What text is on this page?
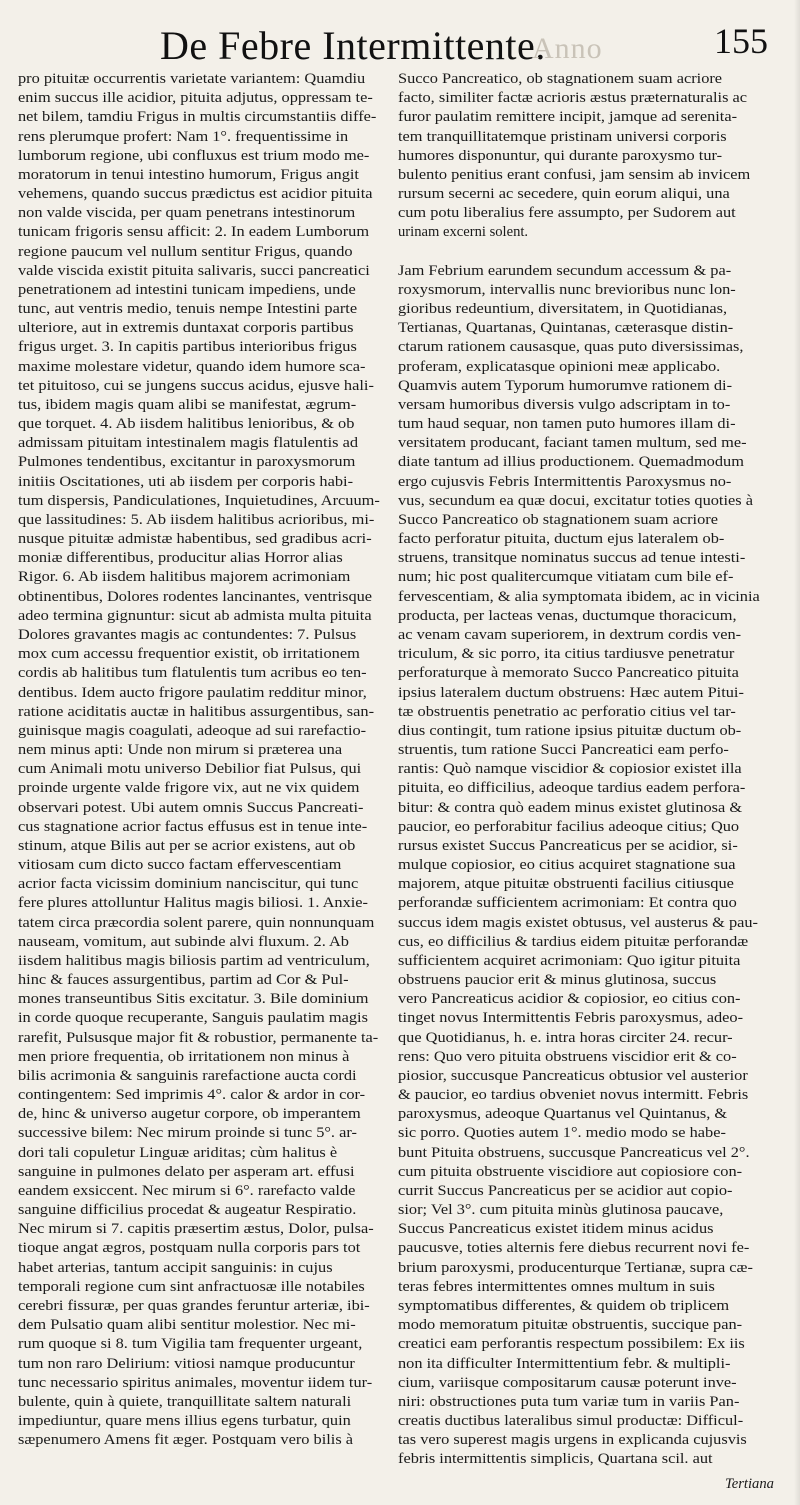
De Febre Intermittente.
Anno	155
pro pituitæ occurrentis varietate variantem: Quamdiu
enim succus ille acidior, pituita adjutus, oppressam te-
net bilem, tamdiu Frigus in multis circumstantiis diffe-
rens plerumque profert: Nam 1°. frequentissime in
lumborum regione, ubi confluxus est trium modo me-
moratorum in tenui intestino humorum, Frigus angit
vehemens, quando succus prædictus est acidior pituita
non valde viscida, per quam penetrans intestinorum
tunicam frigoris sensu afficit: 2. In eadem Lumborum
regione paucum vel nullum sentitur Frigus, quando
valde viscida existit pituita salivaris, succi pancreatici
penetrationem ad intestini tunicam impediens, unde
tunc, aut ventris medio, tenuis nempe Intestini parte
ulteriore, aut in extremis duntaxat corporis partibus
frigus urget. 3. In capitis partibus interioribus frigus
maxime molestare videtur, quando idem humore sca-
tet pituitoso, cui se jungens succus acidus, ejusve hali-
tus, ibidem magis quam alibi se manifestat, ægrum-
que torquet. 4. Ab iisdem halitibus lenioribus, & ob
admissam pituitam intestinalem magis flatulentis ad
Pulmones tendentibus, excitantur in paroxysmorum
initiis Oscitationes, uti ab iisdem per corporis habi-
tum dispersis, Pandiculationes, Inquietudines, Arcuum-
que lassitudines: 5. Ab iisdem halitibus acrioribus, mi-
nusque pituitæ admistæ habentibus, sed gradibus acri-
moniæ differentibus, producitur alias Horror alias
Rigor. 6. Ab iisdem halitibus majorem acrimoniam
obtinentibus, Dolores rodentes lancinantes, ventrisque
adeo termina gignuntur: sicut ab admista multa pituita
Dolores gravantes magis ac contundentes: 7. Pulsus
mox cum accessu frequentior existit, ob irritationem
cordis ab halitibus tum flatulentis tum acribus eo ten-
dentibus. Idem aucto frigore paulatim redditur minor,
ratione aciditatis auctæ in halitibus assurgentibus, san-
guinisque magis coagulati, adeoque ad sui rarefactio-
nem minus apti: Unde non mirum si præterea una
cum Animali motu universo Debilior fiat Pulsus, qui
proinde urgente valde frigore vix, aut ne vix quidem
observari potest. Ubi autem omnis Succus Pancreati-
cus stagnatione acrior factus effusus est in tenue inte-
stinum, atque Bilis aut per se acrior existens, aut ob
vitiosam cum dicto succo factam effervescentiam
acrior facta vicissim dominium nanciscitur, qui tunc
fere plures attolluntur Halitus magis biliosi. 1. Anxie-
tatem circa præcordia solent parere, quin nonnunquam
nauseam, vomitum, aut subinde alvi fluxum. 2. Ab
iisdem halitibus magis biliosis partim ad ventriculum,
hinc & fauces assurgentibus, partim ad Cor & Pul-
mones transeuntibus Sitis excitatur. 3. Bile dominium
in corde quoque recuperante, Sanguis paulatim magis
rarefit, Pulsusque major fit & robustior, permanente ta-
men priore frequentia, ob irritationem non minus à
bilis acrimonia & sanguinis rarefactione aucta cordi
contingentem: Sed imprimis 4°. calor & ardor in cor-
de, hinc & universo augetur corpore, ob imperantem
successive bilem: Nec mirum proinde si tunc 5°. ar-
dori tali copuletur Linguæ ariditas; cùm halitus è
sanguine in pulmones delato per asperam art. effusi
eandem exsiccent. Nec mirum si 6°. rarefacto valde
sanguine difficilius procedat & augeatur Respiratio.
Nec mirum si 7. capitis præsertim æstus, Dolor, pulsa-
tioque angat ægros, postquam nulla corporis pars tot
habet arterias, tantum accipit sanguinis: in cujus
temporali regione cum sint anfractuosæ ille notabiles
cerebri fissuræ, per quas grandes feruntur arteriæ, ibi-
dem Pulsatio quam alibi sentitur molestior. Nec mi-
rum quoque si 8. tum Vigilia tam frequenter urgeant,
tum non raro Delirium: vitiosi namque producuntur
tunc necessario spiritus animales, moventur iidem tur-
bulente, quin à quiete, tranquillitate saltem naturali
impediuntur, quare mens illius egens turbatur, quin
sæpenumero Amens fit æger. Postquam vero bilis à
Succo Pancreatico, ob stagnationem suam acriore
facto, similiter factæ acrioris æstus præternaturalis ac
furor paulatim remittere incipit, jamque ad serenita-
tem tranquillitatemque pristinam universi corporis
humores disponuntur, qui durante paroxysmo tur-
bulento penitius erant confusi, jam sensim ab invicem
rursum secerni ac secedere, quin eorum aliqui, una
cum potu liberalius fere assumpto, per Sudorem aut
urinam excerni solent.

Jam Febrium earundem secundum accessum & pa-
roxysmorum, intervallis nunc brevioribus nunc lon-
gioribus redeuntium, diversitatem, in Quotidianas,
Tertianas, Quartanas, Quintanas, cæterasque distin-
ctarum rationem causasque, quas puto diversissimas,
proferam, explicatasque opinioni meæ applicabo.
Quamvis autem Typorum humorumve rationem di-
versam humoribus diversis vulgo adscriptam in to-
tum haud sequar, non tamen puto humores illam di-
versitatem producant, faciant tamen multum, sed me-
diate tantum ad illius productionem. Quemadmodum
ergo cujusvis Febris Intermittentis Paroxysmus no-
vus, secundum ea quæ docui, excitatur toties quoties à
Succo Pancreatico ob stagnationem suam acriore
facto perforatur pituita, ductum ejus lateralem ob-
struens, transitque nominatus succus ad tenue intesti-
num; hic post qualitercumque vitiatam cum bile ef-
fervescentiam, & alia symptomata ibidem, ac in vicinia
producta, per lacteas venas, ductumque thoracicum,
ac venam cavam superiorem, in dextrum cordis ven-
triculum, & sic porro, ita citius tardiusve penetratur
perforaturque à memorato Succo Pancreatico pituita
ipsius lateralem ductum obstruens: Hæc autem Pitui-
tæ obstruentis penetratio ac perforatio citius vel tar-
dius contingit, tum ratione ipsius pituitæ ductum ob-
struentis, tum ratione Succi Pancreatici eam perfo-
rantis: Quò namque viscidior & copiosior existet illa
pituita, eo difficilius, adeoque tardius eadem perfora-
bitur: & contra quò eadem minus existet glutinosa &
paucior, eo perforabitur facilius adeoque citius; Quo
rursus existet Succus Pancreaticus per se acidior, si-
mulque copiosior, eo citius acquiret stagnatione sua
majorem, atque pituitæ obstruenti facilius citiusque
perforandæ sufficientem acrimoniam: Et contra quo
succus idem magis existet obtusus, vel austerus & pau-
cus, eo difficilius & tardius eidem pituitæ perforandæ
sufficientem acquiret acrimoniam: Quo igitur pituita
obstruens paucior erit & minus glutinosa, succus
vero Pancreaticus acidior & copiosior, eo citius con-
tinget novus Intermittentis Febris paroxysmus, adeo-
que Quotidianus, h. e. intra horas circiter 24. recur-
rens: Quo vero pituita obstruens viscidior erit & co-
piosior, succusque Pancreaticus obtusior vel austerior
& paucior, eo tardius obveniet novus intermitt. Febris
paroxysmus, adeoque Quartanus vel Quintanus, &
sic porro. Quoties autem 1°. medio modo se habe-
bunt Pituita obstruens, succusque Pancreaticus vel 2°.
cum pituita obstruente viscidiore aut copiosiore con-
currit Succus Pancreaticus per se acidior aut copio-
sior; Vel 3°. cum pituita minùs glutinosa paucave,
Succus Pancreaticus existet itidem minus acidus
paucusve, toties alternis fere diebus recurrent novi fe-
brium paroxysmi, producenturque Tertianæ, supra cæ-
teras febres intermittentes omnes multum in suis
symptomatibus differentes, & quidem ob triplicem
modo memoratum pituitæ obstruentis, succique pan-
creatici eam perforantis respectum possibilem: Ex iis
non ita difficulter Intermittentium febr. & multipli-
cium, variisque compositarum causæ poterunt inve-
niri: obstructiones puta tum variæ tum in variis Pan-
creatis ductibus lateralibus simul productæ: Difficul-
tas vero superest magis urgens in explicanda cujusvis
febris intermittentis simplicis, Quartana scil. aut
Tertiana
